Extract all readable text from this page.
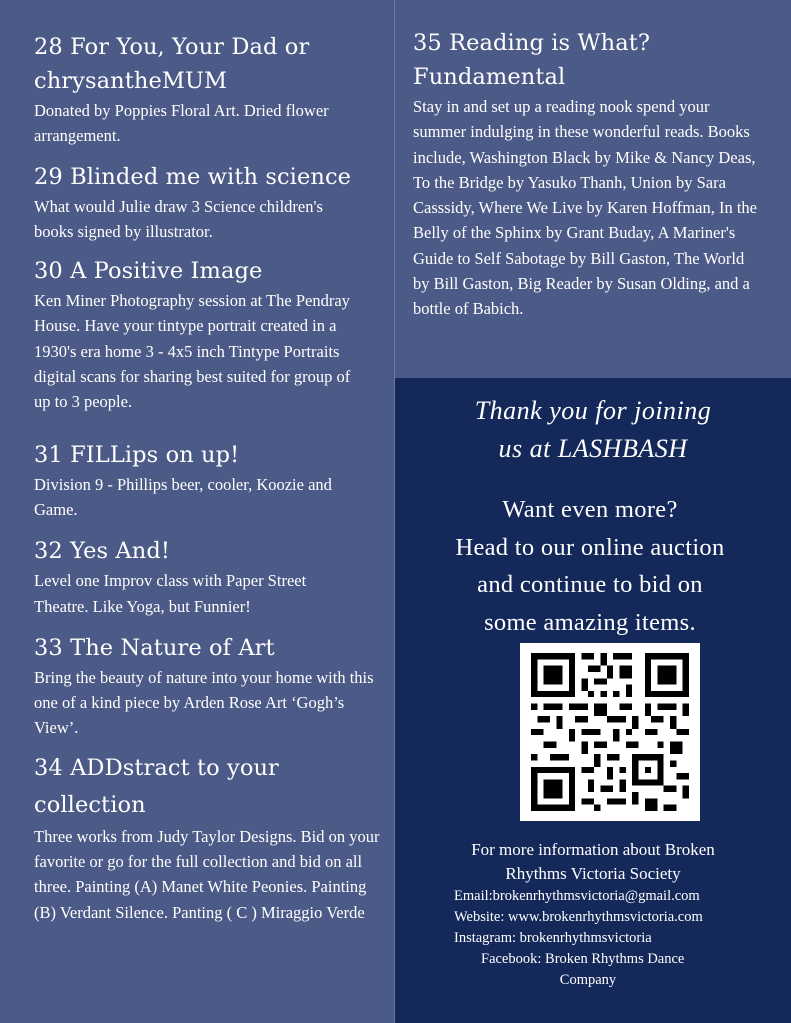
28 For You, Your Dad or chrysantheMUM

Donated by Poppies Floral Art. Dried flower arrangement.

29 Blinded me with science

What would Julie draw 3 Science children's books signed by illustrator.

30 A Positive Image

Ken Miner Photography session at The Pendray House. Have your tintype portrait created in a 1930's era home 3 - 4x5 inch Tintype Portraits digital scans for sharing best suited for group of up to 3 people.

31 FILLips on up!

Division 9 - Phillips beer, cooler, Koozie and Game.

32 Yes And!

Level one Improv class with Paper Street Theatre. Like Yoga, but Funnier!

33 The Nature of Art

Bring the beauty of nature into your home with this one of a kind piece by Arden Rose Art ‘Gogh’s View’.

34 ADDstract to your collection

Three works from Judy Taylor Designs. Bid on your favorite or go for the full collection and bid on all three. Painting (A) Manet White Peonies. Painting (B) Verdant Silence. Panting ( C ) Miraggio Verde

35 Reading is What? Fundamental

Stay in and set up a reading nook spend your summer indulging in these wonderful reads. Books include, Washington Black by Mike & Nancy Deas, To the Bridge by Yasuko Thanh, Union by Sara Casssidy, Where We Live by Karen Hoffman, In the Belly of the Sphinx by Grant Buday, A Mariner's Guide to Self Sabotage by Bill Gaston, The World by Bill Gaston, Big Reader by Susan Olding, and a bottle of Babich.

Thank you for joining
us at LASHBASH
Want even more?
Head to our online auction
and continue to bid on
some amazing items.
For more information about Broken
Rhythms Victoria Society
Email:brokenrhythmsvictoria@gmail.com
Website: www.brokenrhythmsvictoria.com
Instagram: brokenrhythmsvictoria
Facebook: Broken Rhythms Dance
Company
